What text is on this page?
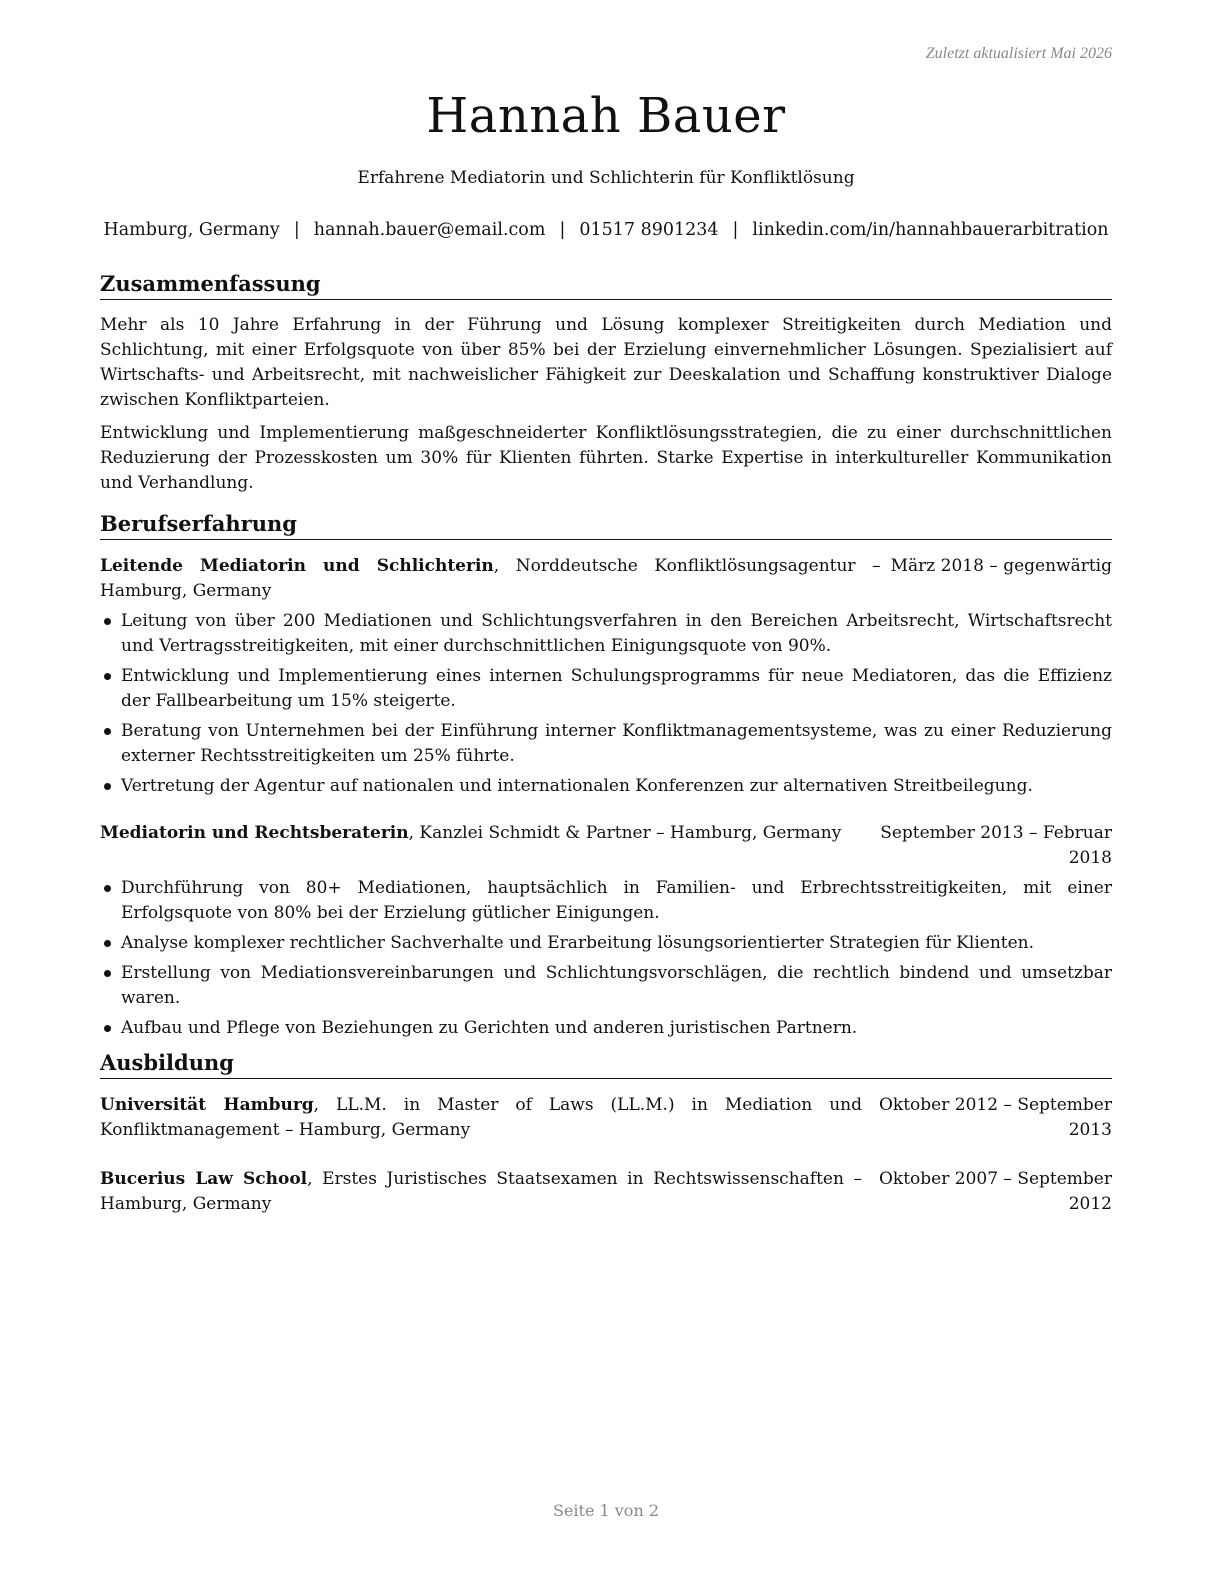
Zuletzt aktualisiert Mai 2026
Hannah Bauer
Erfahrene Mediatorin und Schlichterin für Konfliktlösung
Hamburg, Germany | hannah.bauer@email.com | 01517 8901234 | linkedin.com/in/hannahbauerarbitration
Zusammenfassung

Mehr als 10 Jahre Erfahrung in der Führung und Lösung komplexer Streitigkeiten durch Mediation und Schlichtung, mit einer Erfolgsquote von über 85% bei der Erzielung einvernehmlicher Lösungen. Spezialisiert auf Wirtschafts- und Arbeitsrecht, mit nachweislicher Fähigkeit zur Deeskalation und Schaffung konstruktiver Dialoge zwischen Konfliktparteien.

Entwicklung und Implementierung maßgeschneiderter Konfliktlösungsstrategien, die zu einer durchschnittlichen Reduzierung der Prozesskosten um 30% für Klienten führten. Starke Expertise in interkultureller Kommunikation und Verhandlung.

Berufserfahrung
Leitende Mediatorin und Schlichterin, Norddeutsche Konfliktlösungsagentur – Hamburg, Germany
März 2018 – gegenwärtig
Leitung von über 200 Mediationen und Schlichtungsverfahren in den Bereichen Arbeitsrecht, Wirtschaftsrecht und Vertragsstreitigkeiten, mit einer durchschnittlichen Einigungsquote von 90%.
Entwicklung und Implementierung eines internen Schulungsprogramms für neue Mediatoren, das die Effizienz der Fallbearbeitung um 15% steigerte.
Beratung von Unternehmen bei der Einführung interner Konfliktmanagementsysteme, was zu einer Reduzierung externer Rechtsstreitigkeiten um 25% führte.
Vertretung der Agentur auf nationalen und internationalen Konferenzen zur alternativen Streitbeilegung.
Mediatorin und Rechtsberaterin, Kanzlei Schmidt & Partner – Hamburg, Germany	September 2013 – Februar 2018
Durchführung von 80+ Mediationen, hauptsächlich in Familien- und Erbrechtsstreitigkeiten, mit einer Erfolgsquote von 80% bei der Erzielung gütlicher Einigungen.
Analyse komplexer rechtlicher Sachverhalte und Erarbeitung lösungsorientierter Strategien für Klienten.
Erstellung von Mediationsvereinbarungen und Schlichtungsvorschlägen, die rechtlich bindend und umsetzbar waren.
Aufbau und Pflege von Beziehungen zu Gerichten und anderen juristischen Partnern.
Ausbildung
Universität Hamburg, LL.M. in Master of Laws (LL.M.) in Mediation und Konfliktmanagement – Hamburg, Germany
Oktober 2012 – September 2013
Bucerius Law School, Erstes Juristisches Staatsexamen in Rechtswissenschaften – Hamburg, Germany
Oktober 2007 – September 2012
Seite 1 von 2
